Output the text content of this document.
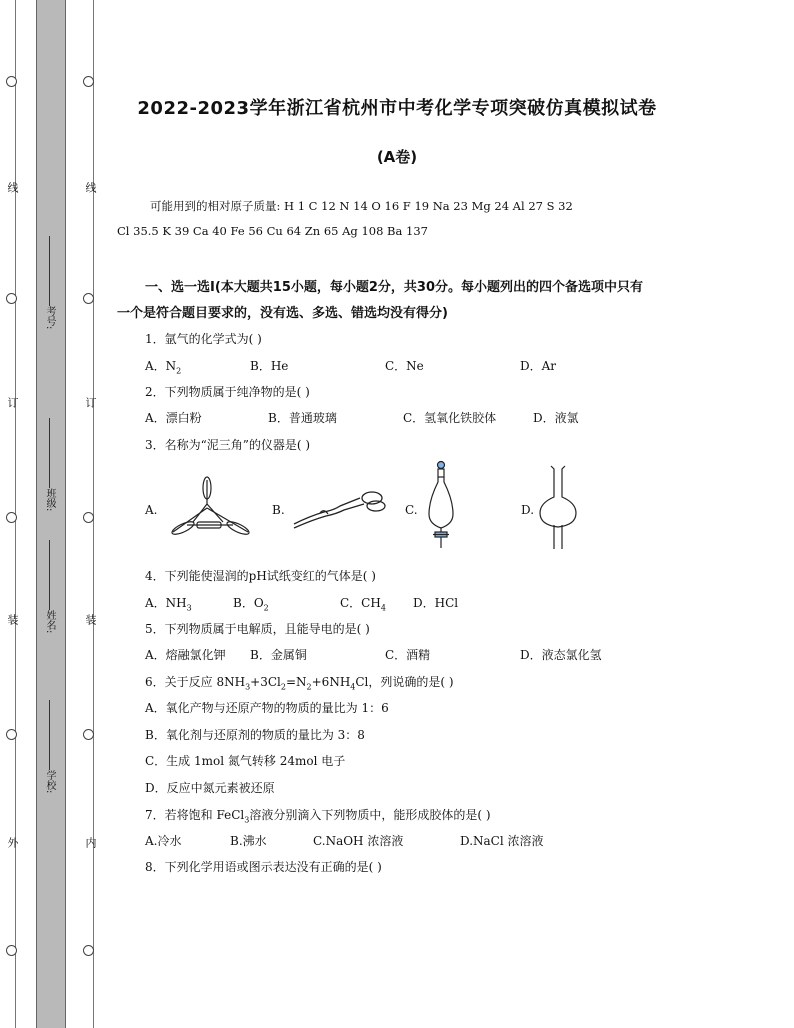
线
订
装
外
线
订
装
内
考号:
班级:
姓名:
学校:
2022-2023学年浙江省杭州市中考化学专项突破仿真模拟试卷
(A卷)
可能用到的相对原子质量: H 1 C 12 N 14 O 16 F 19 Na 23 Mg 24 Al 27 S 32
Cl 35.5 K 39 Ca 40 Fe 56 Cu 64 Zn 65 Ag 108 Ba 137
一、选一选I(本大题共15小题，每小题2分，共30分。每小题列出的四个备选项中只有
一个是符合题目要求的，没有选、多选、错选均没有得分)
1．氩气的化学式为( )
A．$N_2$	B．He	C．Ne	D．Ar
2．下列物质属于纯净物的是( )
A．漂白粉	B．普通玻璃	C．氢氧化铁胶体	D．液氯
3．名称为“泥三角”的仪器是( )
A.	B.	C.	D.
4．下列能使湿润的pH试纸变红的气体是( )
A．$NH_3$	B．$O_2$	C．$CH_4$ D．HCl
5．下列物质属于电解质，且能导电的是( )
A．熔融氯化钾 B．金属铜	C．酒精	D．液态氯化氢
6．关于反应 $8NH_3+3Cl_2=N_2+6NH_4Cl$，列说确的是( )
A．氧化产物与还原产物的物质的量比为 1：6
B．氧化剂与还原剂的物质的量比为 3：8
C．生成 1mol 氮气转移 24mol 电子
D．反应中氮元素被还原
7．若将饱和 FeCl$_3$溶液分别滴入下列物质中，能形成胶体的是( )
A.冷水	B.沸水	C.NaOH 浓溶液	D.NaCl 浓溶液
8．下列化学用语或图示表达没有正确的是( )
